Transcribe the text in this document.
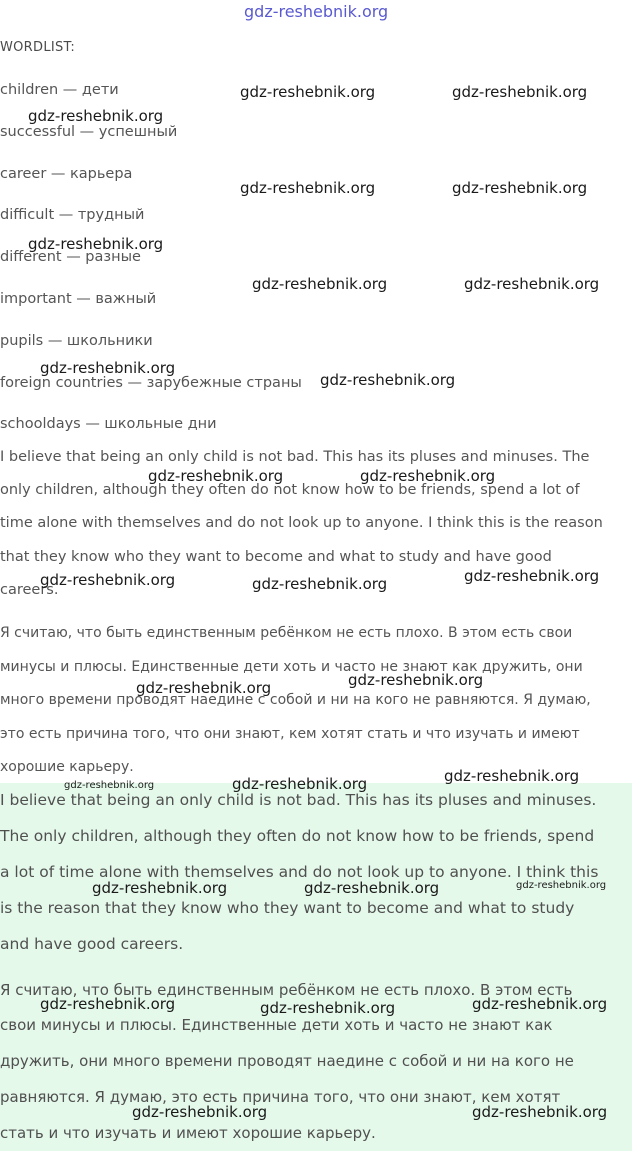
gdz-reshebnik.org

WORDLIST:

children — дети

successful — успешный

career — карьера

difficult — трудный

different — разные

important — важный

pupils — школьники

foreign countries — зарубежные страны

schooldays — школьные дни

I believe that being an only child is not bad. This has its pluses and minuses. The

only children, although they often do not know how to be friends, spend a lot of

time alone with themselves and do not look up to anyone. I think this is the reason

that they know who they want to become and what to study and have good

careers.

Я считаю, что быть единственным ребёнком не есть плохо. В этом есть свои

минусы и плюсы. Единственные дети хоть и часто не знают как дружить, они

много времени проводят наедине с собой и ни на кого не равняются. Я думаю,

это есть причина того, что они знают, кем хотят стать и что изучать и имеют

хорошие карьеру.

I believe that being an only child is not bad. This has its pluses and minuses.

The only children, although they often do not know how to be friends, spend

a lot of time alone with themselves and do not look up to anyone. I think this

is the reason that they know who they want to become and what to study

and have good careers.

Я считаю, что быть единственным ребёнком не есть плохо. В этом есть

свои минусы и плюсы. Единственные дети хоть и часто не знают как

дружить, они много времени проводят наедине с собой и ни на кого не

равняются. Я думаю, это есть причина того, что они знают, кем хотят

стать и что изучать и имеют хорошие карьеру.

gdz-reshebnik.org	gdz-reshebnik.org
gdz-reshebnik.org
gdz-reshebnik.org	gdz-reshebnik.org
gdz-reshebnik.org
gdz-reshebnik.org	gdz-reshebnik.org
gdz-reshebnik.org
gdz-reshebnik.org
gdz-reshebnik.org	gdz-reshebnik.org
gdz-reshebnik.org	gdz-reshebnik.org	gdz-reshebnik.org
gdz-reshebnik.org	gdz-reshebnik.org
gdz-reshebnik.org	gdz-reshebnik.org	gdz-reshebnik.org
gdz-reshebnik.org	gdz-reshebnik.org	gdz-reshebnik.org
gdz-reshebnik.org	gdz-reshebnik.org	gdz-reshebnik.org
gdz-reshebnik.org	gdz-reshebnik.org
